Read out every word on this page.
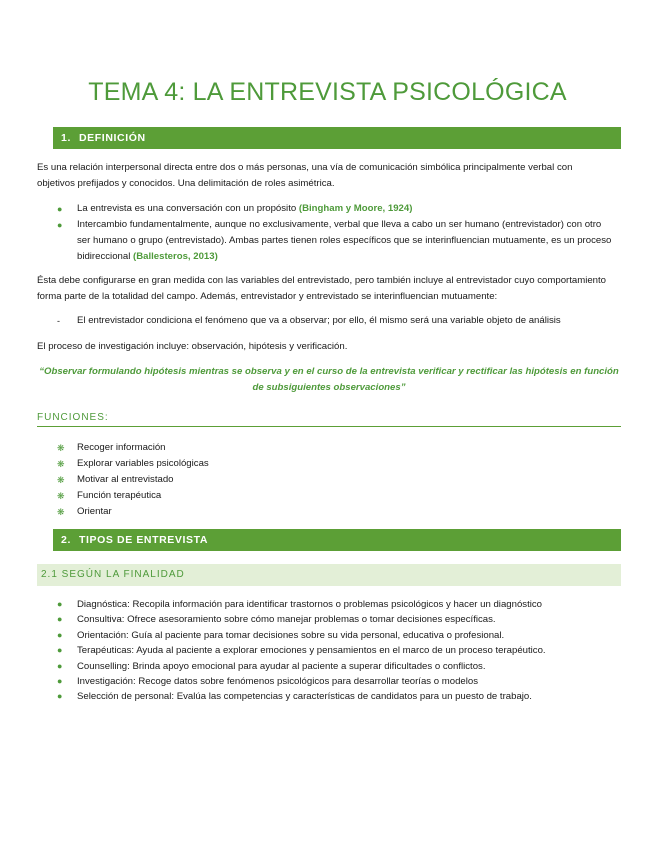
TEMA 4: LA ENTREVISTA PSICOLÓGICA
1. DEFINICIÓN
Es una relación interpersonal directa entre dos o más personas, una vía de comunicación simbólica principalmente verbal con objetivos prefijados y conocidos. Una delimitación de roles asimétrica.
● La entrevista es una conversación con un propósito (Bingham y Moore, 1924)
● Intercambio fundamentalmente, aunque no exclusivamente, verbal que lleva a cabo un ser humano (entrevistador) con otro ser humano o grupo (entrevistado). Ambas partes tienen roles específicos que se interinfluencian mutuamente, es un proceso bidireccional (Ballesteros, 2013)
Ésta debe configurarse en gran medida con las variables del entrevistado, pero también incluye al entrevistador cuyo comportamiento forma parte de la totalidad del campo. Además, entrevistador y entrevistado se interinfluencian mutuamente:
- El entrevistador condiciona el fenómeno que va a observar; por ello, él mismo será una variable objeto de análisis
El proceso de investigación incluye: observación, hipótesis y verificación.
“Observar formulando hipótesis mientras se observa y en el curso de la entrevista verificar y rectificar las hipótesis en función de subsiguientes observaciones”
FUNCIONES:
❋ Recoger información
❋ Explorar variables psicológicas
❋ Motivar al entrevistado
❋ Función terapéutica
❋ Orientar
2. TIPOS DE ENTREVISTA
2.1 SEGÚN LA FINALIDAD
● Diagnóstica: Recopila información para identificar trastornos o problemas psicológicos y hacer un diagnóstico
● Consultiva: Ofrece asesoramiento sobre cómo manejar problemas o tomar decisiones específicas.
● Orientación: Guía al paciente para tomar decisiones sobre su vida personal, educativa o profesional.
● Terapéuticas: Ayuda al paciente a explorar emociones y pensamientos en el marco de un proceso terapéutico.
● Counselling: Brinda apoyo emocional para ayudar al paciente a superar dificultades o conflictos.
● Investigación: Recoge datos sobre fenómenos psicológicos para desarrollar teorías o modelos
● Selección de personal: Evalúa las competencias y características de candidatos para un puesto de trabajo.
